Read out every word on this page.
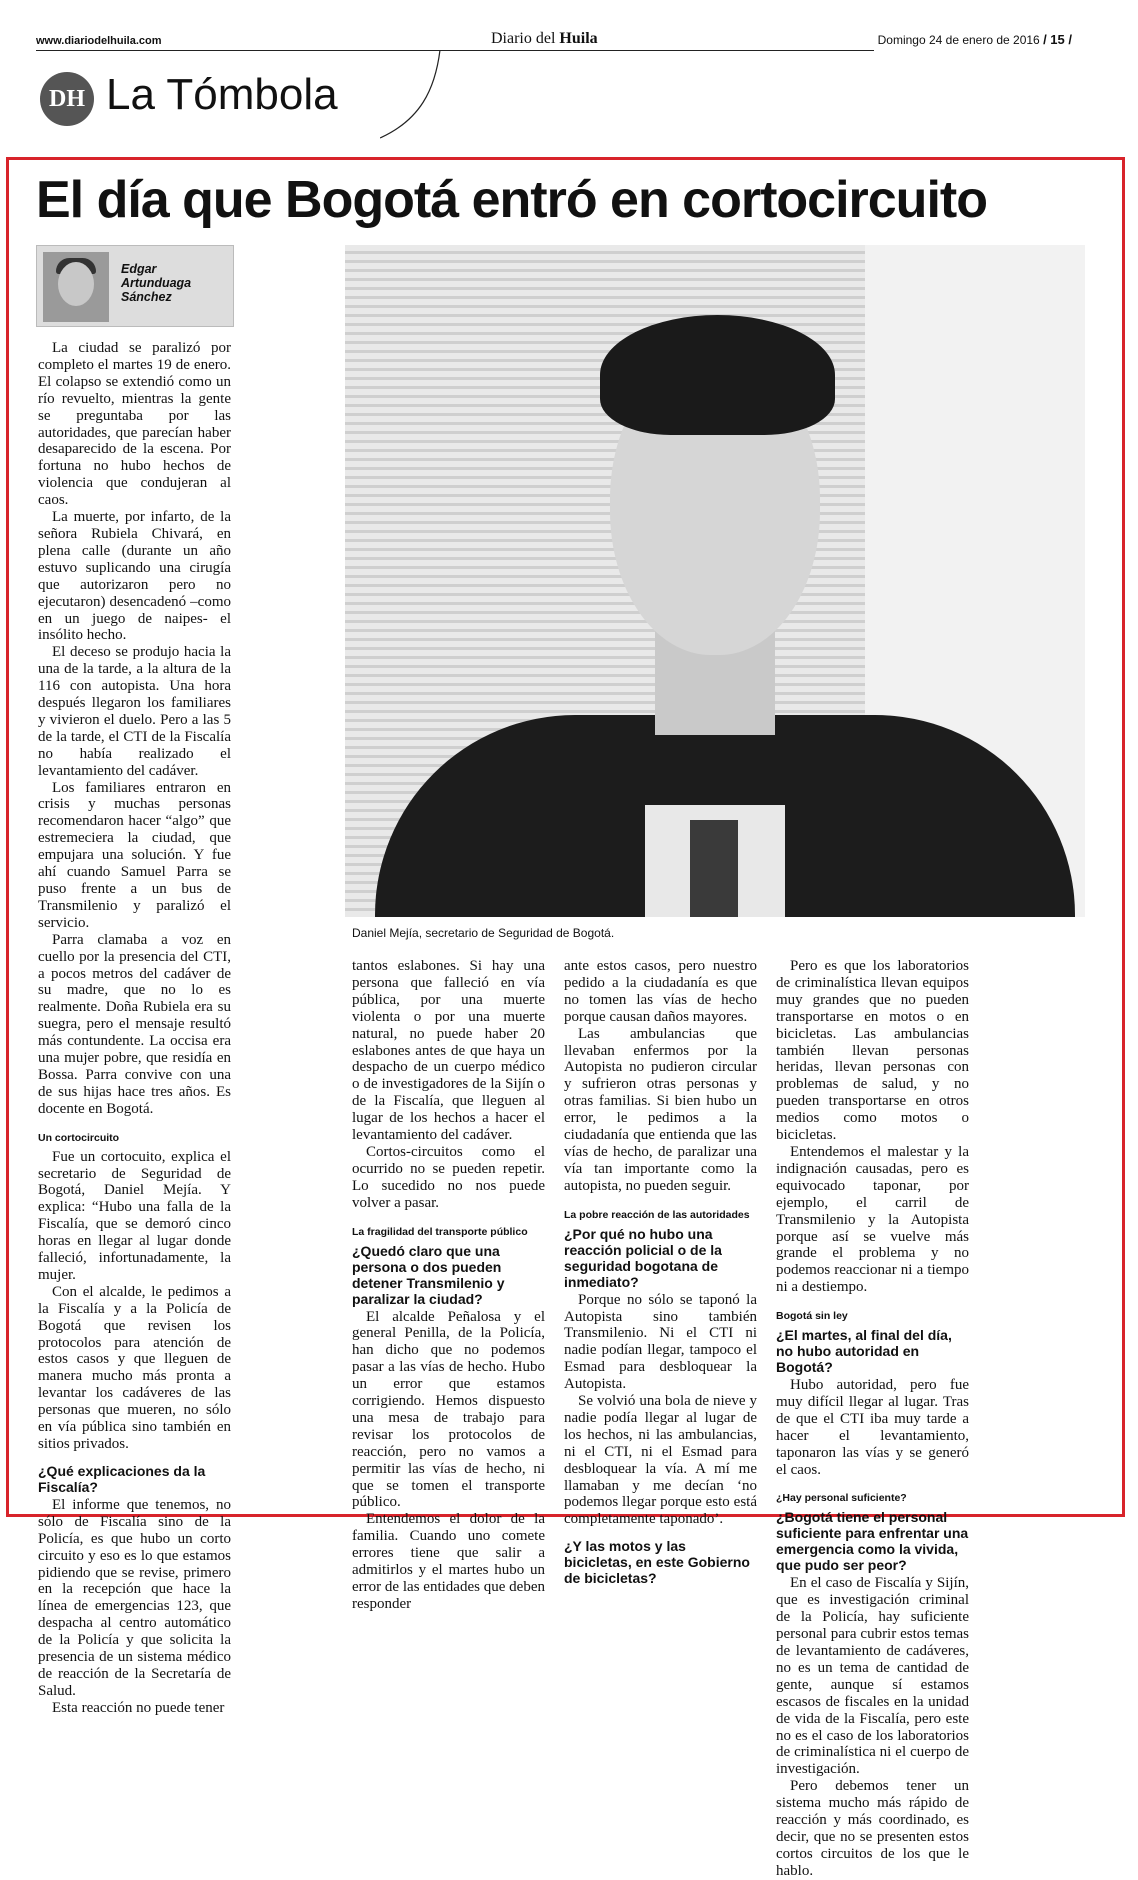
www.diariodelhuila.com	Diario del Huila	Domingo 24 de enero de 2016 / 15 /
DH La Tómbola
El día que Bogotá entró en cortocircuito
Edgar
Artunduaga
Sánchez

La ciudad se paralizó por completo el martes 19 de enero. El colapso se extendió como un río revuelto, mientras la gente se preguntaba por las autoridades, que parecían haber desaparecido de la escena. Por fortuna no hubo hechos de violencia que condujeran al caos.

La muerte, por infarto, de la señora Rubiela Chivará, en plena calle (durante un año estuvo suplicando una cirugía que autorizaron pero no ejecutaron) desencadenó –como en un juego de naipes- el insólito hecho.

El deceso se produjo hacia la una de la tarde, a la altura de la 116 con autopista. Una hora después llegaron los familiares y vivieron el duelo. Pero a las 5 de la tarde, el CTI de la Fiscalía no había realizado el levantamiento del cadáver.

Los familiares entraron en crisis y muchas personas recomendaron hacer “algo” que estremeciera la ciudad, que empujara una solución. Y fue ahí cuando Samuel Parra se puso frente a un bus de Transmilenio y paralizó el servicio.

Parra clamaba a voz en cuello por la presencia del CTI, a pocos metros del cadáver de su madre, que no lo es realmente. Doña Rubiela era su suegra, pero el mensaje resultó más contundente. La occisa era una mujer pobre, que residía en Bossa. Parra convive con una de sus hijas hace tres años. Es docente en Bogotá.

Un cortocircuito

Fue un cortocuito, explica el secretario de Seguridad de Bogotá, Daniel Mejía. Y explica: “Hubo una falla de la Fiscalía, que se demoró cinco horas en llegar al lugar donde falleció, infortunadamente, la mujer.

Con el alcalde, le pedimos a la Fiscalía y a la Policía de Bogotá que revisen los protocolos para atención de estos casos y que lleguen de manera mucho más pronta a levantar los cadáveres de las personas que mueren, no sólo en vía pública sino también en sitios privados.

¿Qué explicaciones da la Fiscalía?

El informe que tenemos, no sólo de Fiscalía sino de la Policía, es que hubo un corto circuito y eso es lo que estamos pidiendo que se revise, primero en la recepción que hace la línea de emergencias 123, que despacha al centro automático de la Policía y que solicita la presencia de un sistema médico de reacción de la Secretaría de Salud.

Esta reacción no puede tener

Daniel Mejía, secretario de Seguridad de Bogotá.

tantos eslabones. Si hay una persona que falleció en vía pública, por una muerte violenta o por una muerte natural, no puede haber 20 eslabones antes de que haya un despacho de un cuerpo médico o de investigadores de la Sijín o de la Fiscalía, que lleguen al lugar de los hechos a hacer el levantamiento del cadáver.

Cortos-circuitos como el ocurrido no se pueden repetir. Lo sucedido no nos puede volver a pasar.

La fragilidad del transporte público

¿Quedó claro que una persona o dos pueden detener Transmilenio y paralizar la ciudad?

El alcalde Peñalosa y el general Penilla, de la Policía, han dicho que no podemos pasar a las vías de hecho. Hubo un error que estamos corrigiendo. Hemos dispuesto una mesa de trabajo para revisar los protocolos de reacción, pero no vamos a permitir las vías de hecho, ni que se tomen el transporte público.

Entendemos el dolor de la familia. Cuando uno comete errores tiene que salir a admitirlos y el martes hubo un error de las entidades que deben responder

ante estos casos, pero nuestro pedido a la ciudadanía es que no tomen las vías de hecho porque causan daños mayores.

Las ambulancias que llevaban enfermos por la Autopista no pudieron circular y sufrieron otras personas y otras familias. Si bien hubo un error, le pedimos a la ciudadanía que entienda que las vías de hecho, de paralizar una vía tan importante como la autopista, no pueden seguir.

La pobre reacción de las autoridades

¿Por qué no hubo una reacción policial o de la seguridad bogotana de inmediato?

Porque no sólo se taponó la Autopista sino también Transmilenio. Ni el CTI ni nadie podían llegar, tampoco el Esmad para desbloquear la Autopista.

Se volvió una bola de nieve y nadie podía llegar al lugar de los hechos, ni las ambulancias, ni el CTI, ni el Esmad para desbloquear la vía. A mí me llamaban y me decían ‘no podemos llegar porque esto está completamente taponado’.

¿Y las motos y las bicicletas, en este Gobierno de bicicletas?

Pero es que los laboratorios de criminalística llevan equipos muy grandes que no pueden transportarse en motos o en bicicletas. Las ambulancias también llevan personas heridas, llevan personas con problemas de salud, y no pueden transportarse en otros medios como motos o bicicletas.

Entendemos el malestar y la indignación causadas, pero es equivocado taponar, por ejemplo, el carril de Transmilenio y la Autopista porque así se vuelve más grande el problema y no podemos reaccionar ni a tiempo ni a destiempo.

Bogotá sin ley

¿El martes, al final del día, no hubo autoridad en Bogotá?

Hubo autoridad, pero fue muy difícil llegar al lugar. Tras de que el CTI iba muy tarde a hacer el levantamiento, taponaron las vías y se generó el caos.

¿Hay personal suficiente?

¿Bogotá tiene el personal suficiente para enfrentar una emergencia como la vivida, que pudo ser peor?

En el caso de Fiscalía y Sijín, que es investigación criminal de la Policía, hay suficiente personal para cubrir estos temas de levantamiento de cadáveres, no es un tema de cantidad de gente, aunque sí estamos escasos de fiscales en la unidad de vida de la Fiscalía, pero este no es el caso de los laboratorios de criminalística ni el cuerpo de investigación.

Pero debemos tener un sistema mucho más rápido de reacción y más coordinado, es decir, que no se presenten estos cortos circuitos de los que le hablo.
